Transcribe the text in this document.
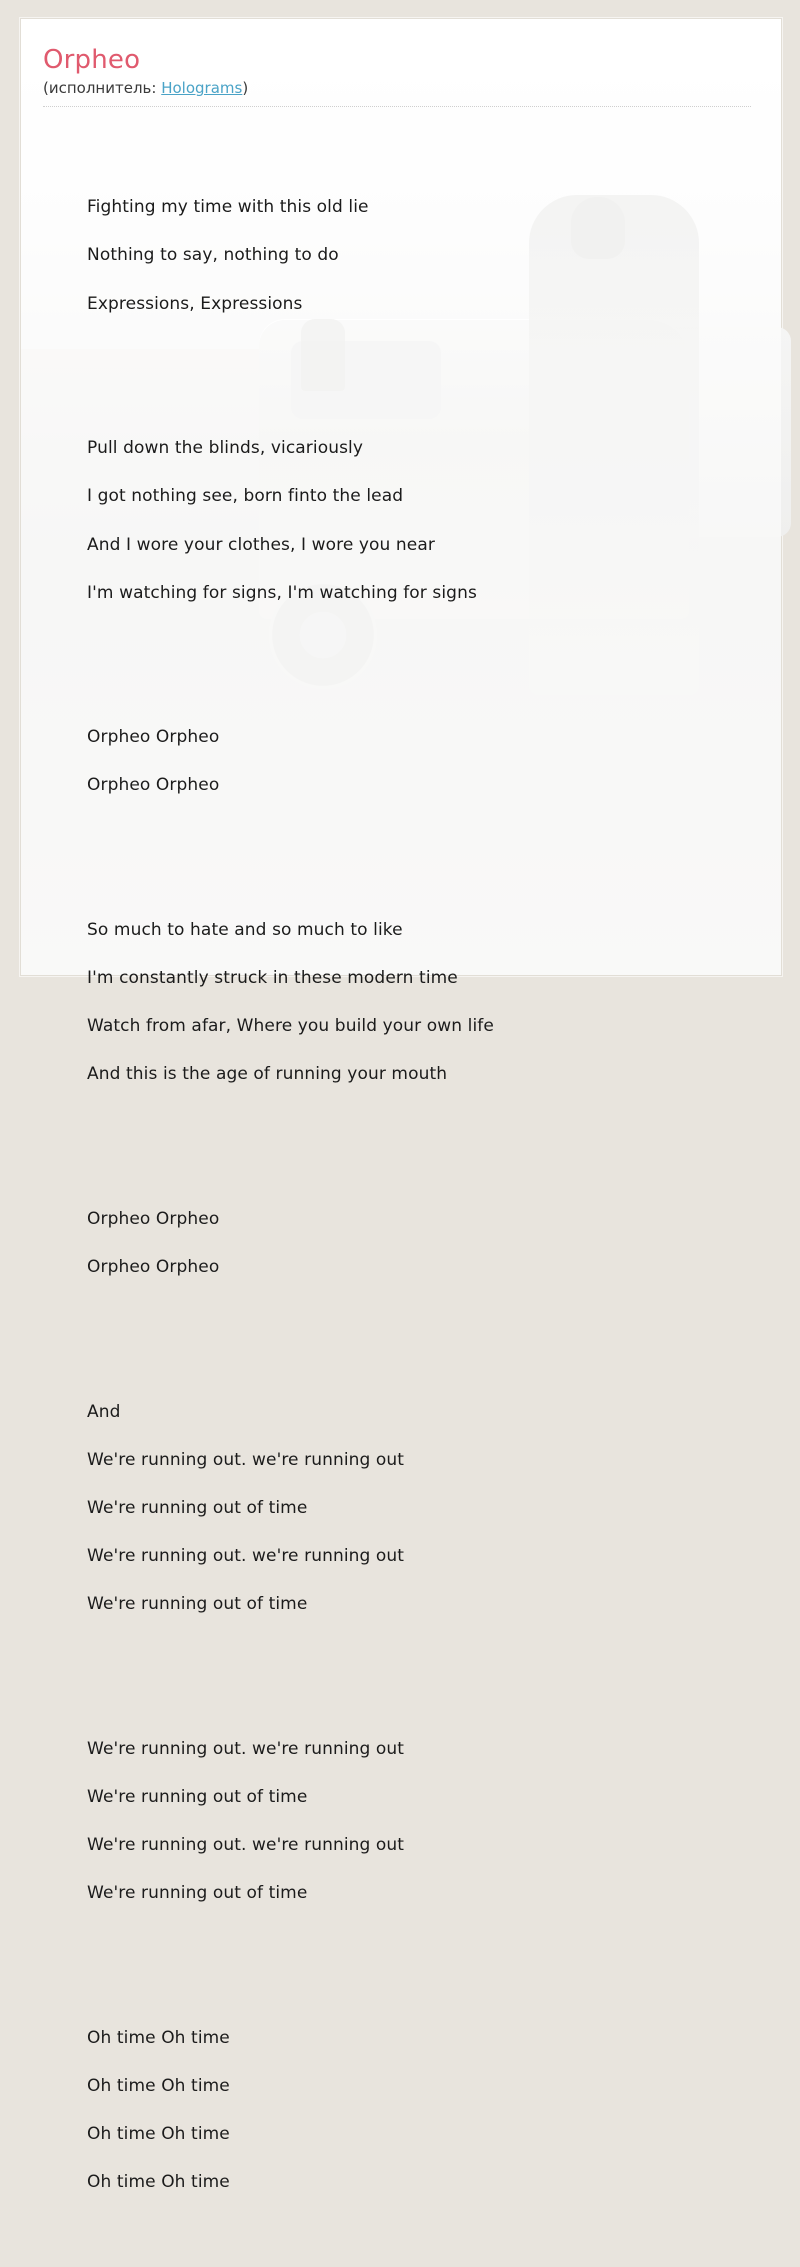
Orpheo
(исполнитель: Holograms)

Fighting my time with this old lie

Nothing to say, nothing to do

Expressions, Expressions

Pull down the blinds, vicariously

I got nothing see, born finto the lead

And I wore your clothes, I wore you near

I'm watching for signs, I'm watching for signs

Orpheo Orpheo

Orpheo Orpheo

So much to hate and so much to like

I'm constantly struck in these modern time

Watch from afar, Where you build your own life

And this is the age of running your mouth

Orpheo Orpheo

Orpheo Orpheo

And

We're running out. we're running out

We're running out of time

We're running out. we're running out

We're running out of time

We're running out. we're running out

We're running out of time

We're running out. we're running out

We're running out of time

Oh time Oh time

Oh time Oh time

Oh time Oh time

Oh time Oh time
